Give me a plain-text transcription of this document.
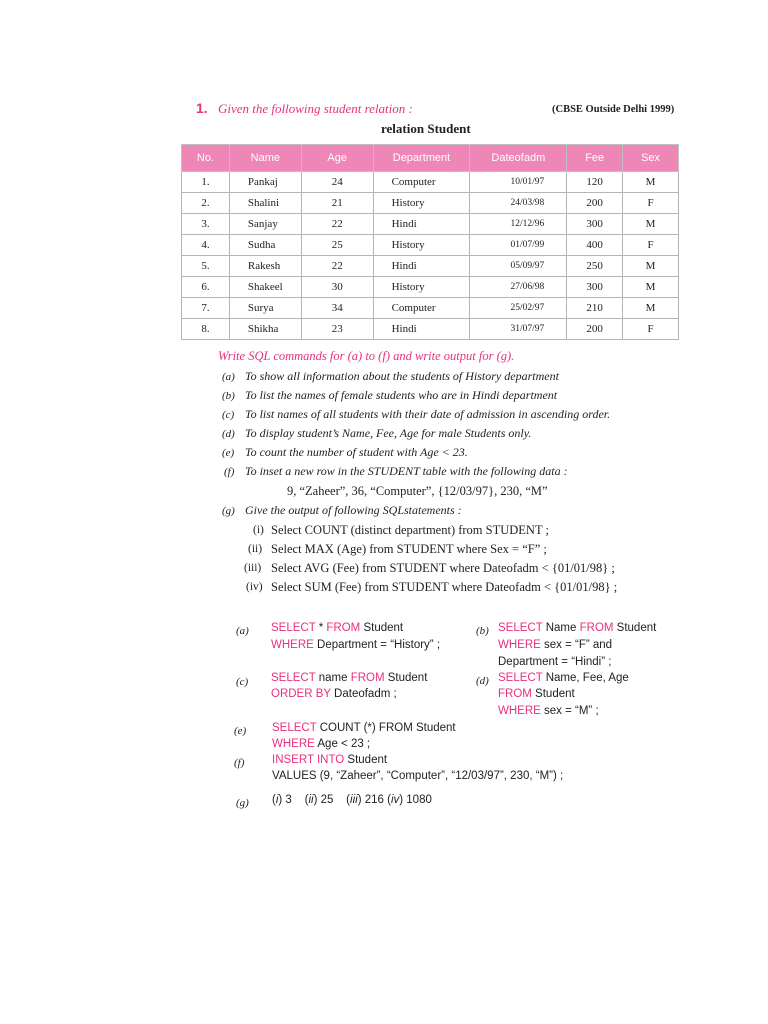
1. Given the following student relation :	(CBSE Outside Delhi 1999)
relation Student
No.	Name	Age	Department	Dateofadm	Fee	Sex
1.	Pankaj	24	Computer	10/01/97	120	M
2.	Shalini	21	History	24/03/98	200	F
3.	Sanjay	22	Hindi	12/12/96	300	M
4.	Sudha	25	History	01/07/99	400	F
5.	Rakesh	22	Hindi	05/09/97	250	M
6.	Shakeel	30	History	27/06/98	300	M
7.	Surya	34	Computer	25/02/97	210	M
8.	Shikha	23	Hindi	31/07/97	200	F
Write SQL commands for (a) to (f) and write output for (g).
(a) To show all information about the students of History department
(b) To list the names of female students who are in Hindi department
(c) To list names of all students with their date of admission in ascending order.
(d) To display student’s Name, Fee, Age for male Students only.
(e) To count the number of student with Age < 23.
(f) To inset a new row in the STUDENT table with the following data :
9, “Zaheer”, 36, “Computer”, {12/03/97}, 230, “M”
(g) Give the output of following SQLstatements :
(i) Select COUNT (distinct department) from STUDENT ;
(ii) Select MAX (Age) from STUDENT where Sex = “F” ;
(iii) Select AVG (Fee) from STUDENT where Dateofadm < {01/01/98} ;
(iv) Select SUM (Fee) from STUDENT where Dateofadm < {01/01/98} ;
(a) SELECT * FROM Student
WHERE Department = “History” ;
(b) SELECT Name FROM Student
WHERE sex = “F” and
Department = “Hindi” ;
(c) SELECT name FROM Student
ORDER BY Dateofadm ;
(d) SELECT Name, Fee, Age
FROM Student
WHERE sex = “M” ;
(e) SELECT COUNT (*) FROM Student
WHERE Age < 23 ;
(f) INSERT INTO Student
VALUES (9, “Zaheer”, “Computer”, “12/03/97”, 230, “M”) ;
(g) (i) 3    (ii) 25    (iii) 216 (iv) 1080
